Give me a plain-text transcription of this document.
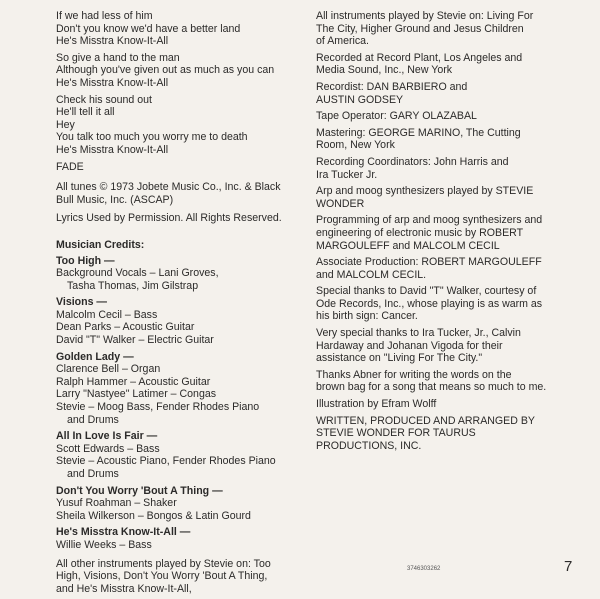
If we had less of him
Don't you know we'd have a better land
He's Misstra Know-It-All
So give a hand to the man
Although you've given out as much as you can
He's Misstra Know-It-All
Check his sound out
He'll tell it all
Hey
You talk too much you worry me to death
He's Misstra Know-It-All
FADE
All tunes © 1973 Jobete Music Co., Inc. & Black
Bull Music, Inc. (ASCAP)
Lyrics Used by Permission. All Rights Reserved.
Musician Credits:
Too High —
Background Vocals – Lani Groves,
Tasha Thomas, Jim Gilstrap
Visions —
Malcolm Cecil – Bass
Dean Parks – Acoustic Guitar
David "T" Walker – Electric Guitar
Golden Lady —
Clarence Bell – Organ
Ralph Hammer – Acoustic Guitar
Larry "Nastyee" Latimer – Congas
Stevie – Moog Bass, Fender Rhodes Piano
and Drums
All In Love Is Fair —
Scott Edwards – Bass
Stevie – Acoustic Piano, Fender Rhodes Piano
and Drums
Don't You Worry 'Bout A Thing —
Yusuf Roahman – Shaker
Sheila Wilkerson – Bongos & Latin Gourd
He's Misstra Know-It-All —
Willie Weeks – Bass
All other instruments played by Stevie on: Too
High, Visions, Don't You Worry 'Bout A Thing,
and He's Misstra Know-It-All,
All instruments played by Stevie on: Living For
The City, Higher Ground and Jesus Children
of America.
Recorded at Record Plant, Los Angeles and
Media Sound, Inc., New York
Recordist: DAN BARBIERO and
AUSTIN GODSEY
Tape Operator: GARY OLAZABAL
Mastering: GEORGE MARINO, The Cutting
Room, New York
Recording Coordinators: John Harris and
Ira Tucker Jr.
Arp and moog synthesizers played by STEVIE
WONDER
Programming of arp and moog synthesizers and
engineering of electronic music by ROBERT
MARGOULEFF and MALCOLM CECIL
Associate Production: ROBERT MARGOULEFF
and MALCOLM CECIL.
Special thanks to David "T" Walker, courtesy of
Ode Records, Inc., whose playing is as warm as
his birth sign: Cancer.
Very special thanks to Ira Tucker, Jr., Calvin
Hardaway and Johanan Vigoda for their
assistance on "Living For The City."
Thanks Abner for writing the words on the
brown bag for a song that means so much to me.
Illustration by Efram Wolff
WRITTEN, PRODUCED AND ARRANGED BY
STEVIE WONDER FOR TAURUS
PRODUCTIONS, INC.
3746303262	7
